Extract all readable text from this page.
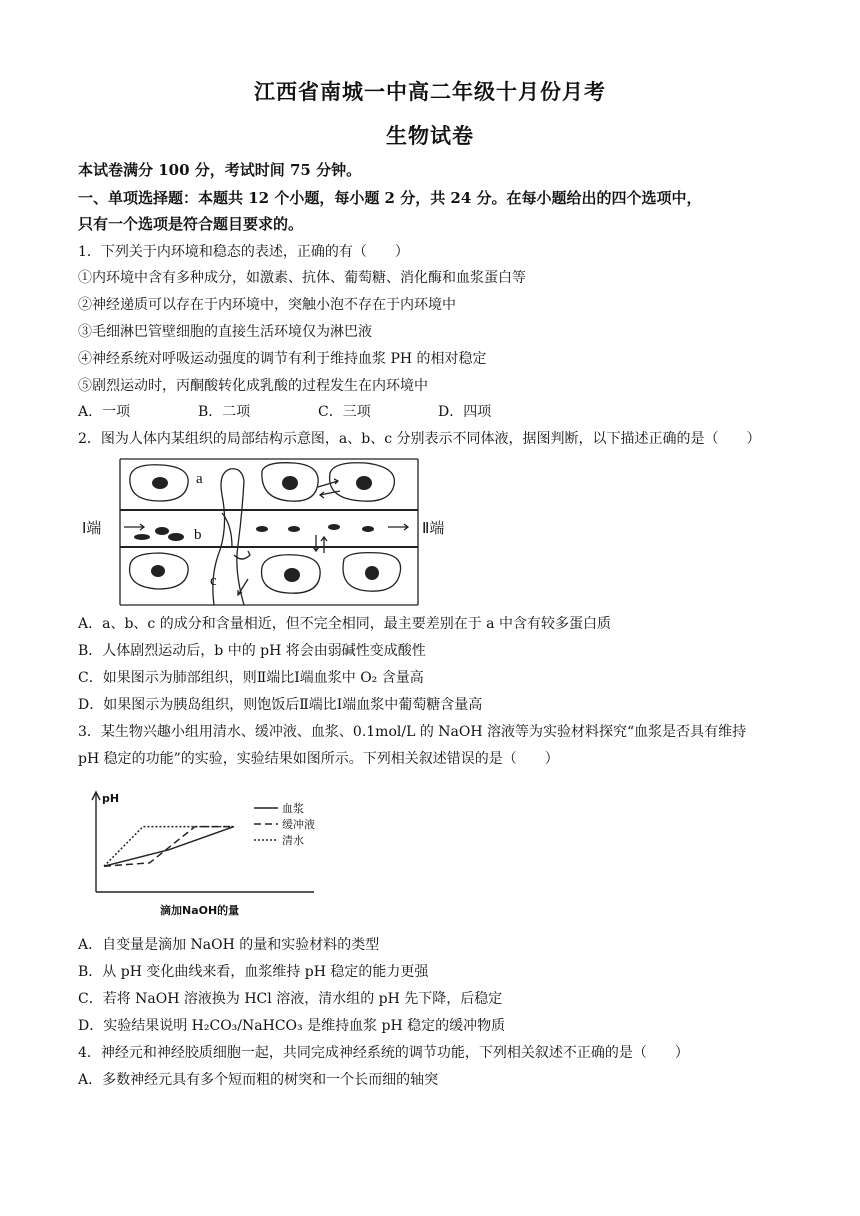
江西省南城一中高二年级十月份月考
生物试卷
本试卷满分 100 分，考试时间 75 分钟。
一、单项选择题：本题共 12 个小题，每小题 2 分，共 24 分。在每小题给出的四个选项中，
只有一个选项是符合题目要求的。
1．下列关于内环境和稳态的表述，正确的有（　　）
①内环境中含有多种成分，如激素、抗体、葡萄糖、消化酶和血浆蛋白等
②神经递质可以存在于内环境中，突触小泡不存在于内环境中
③毛细淋巴管壁细胞的直接生活环境仅为淋巴液
④神经系统对呼吸运动强度的调节有利于维持血浆 PH 的相对稳定
⑤剧烈运动时，丙酮酸转化成乳酸的过程发生在内环境中
A．一项	B．二项	C．三项	D．四项
2．图为人体内某组织的局部结构示意图，a、b、c 分别表示不同体液，据图判断，以下描述正确的是（　　）
Ⅰ端	Ⅱ端
a
b
c
A．a、b、c 的成分和含量相近，但不完全相同，最主要差别在于 a 中含有较多蛋白质
B．人体剧烈运动后，b 中的 pH 将会由弱碱性变成酸性
C．如果图示为肺部组织，则Ⅱ端比Ⅰ端血浆中 O₂ 含量高
D．如果图示为胰岛组织，则饱饭后Ⅱ端比Ⅰ端血浆中葡萄糖含量高
3．某生物兴趣小组用清水、缓冲液、血浆、0.1mol/L 的 NaOH 溶液等为实验材料探究“血浆是否具有维持
pH 稳定的功能”的实验，实验结果如图所示。下列相关叙述错误的是（　　）
pH
滴加NaOH的量
血浆
缓冲液
清水
A．自变量是滴加 NaOH 的量和实验材料的类型
B．从 pH 变化曲线来看，血浆维持 pH 稳定的能力更强
C．若将 NaOH 溶液换为 HCl 溶液，清水组的 pH 先下降，后稳定
D．实验结果说明 H₂CO₃/NaHCO₃ 是维持血浆 pH 稳定的缓冲物质
4．神经元和神经胶质细胞一起，共同完成神经系统的调节功能，下列相关叙述不正确的是（　　）
A．多数神经元具有多个短而粗的树突和一个长而细的轴突
